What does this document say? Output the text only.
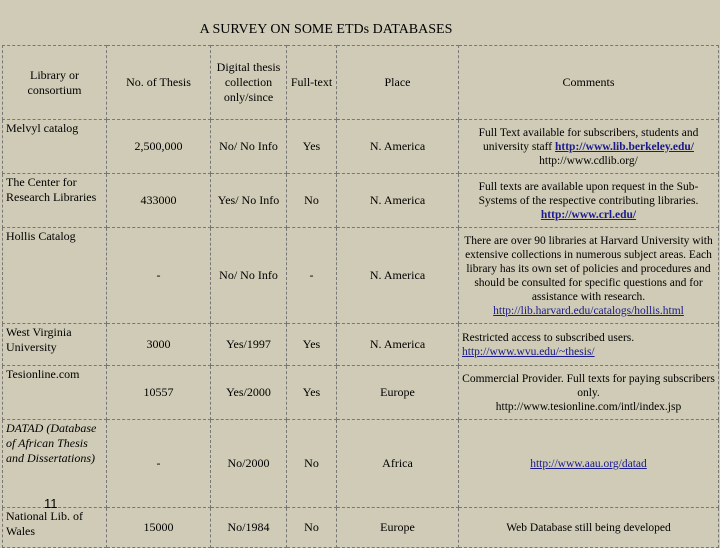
A SURVEY ON SOME ETDs DATABASES
Library or consortium	No. of Thesis	Digital thesis collection only/since	Full-text	Place	Comments
Melvyl catalog	2,500,000	No/ No Info	Yes	N. America	Full Text available for subscribers, students and university staff http://www.lib.berkeley.edu/
http://www.cdlib.org/
The Center for Research Libraries	433000	Yes/ No Info	No	N. America	Full texts are available upon request in the Sub-Systems of the respective contributing libraries. http://www.crl.edu/
Hollis Catalog	-	No/ No Info	-	N. America	There are over 90 libraries at Harvard University with extensive collections in numerous subject areas. Each library has its own set of policies and procedures and should be consulted for specific questions and for assistance with research.
http://lib.harvard.edu/catalogs/hollis.html
West Virginia University	3000	Yes/1997	Yes	N. America	Restricted access to subscribed users.
http://www.wvu.edu/~thesis/

Tesionline.com	10557	Yes/2000	Yes	Europe	Commercial Provider. Full texts for paying subscribers only.
http://www.tesionline.com/intl/index.jsp
DATAD (Database of African Thesis and Dissertations)	-	No/2000	No	Africa	http://www.aau.org/datad
National Lib. of Wales	15000	No/1984	No	Europe	Web Database still being developed
11
